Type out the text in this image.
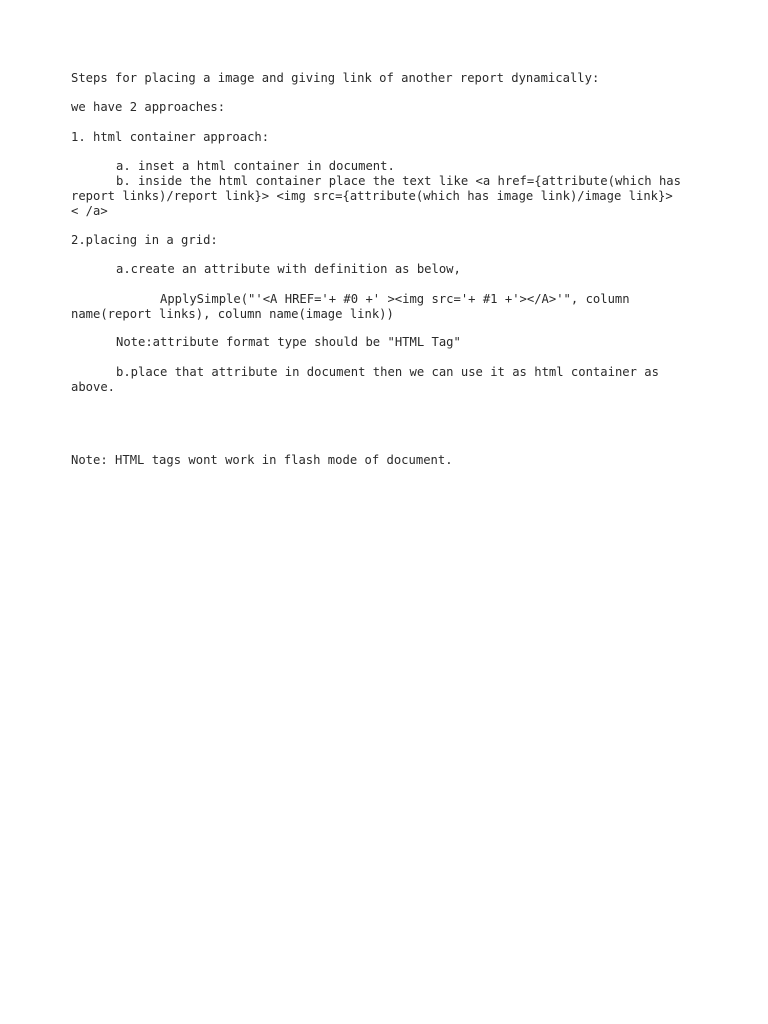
Steps for placing a image and giving link of another report dynamically:

we have 2 approaches:

1. html container approach:

a. inset a html container in document.

b. inside the html container place the text like <a href={attribute(which has

report links)/report link}> <img src={attribute(which has image link)/image link}>

< /a>

2.placing in a grid:

a.create an attribute with definition as below,

ApplySimple("'<A HREF='+ #0 +' ><img src='+ #1 +'></A>'", column

name(report links), column name(image link))

Note:attribute format type should be "HTML Tag"

b.place that attribute in document then we can use it as html container as

above.

Note: HTML tags wont work in flash mode of document.
